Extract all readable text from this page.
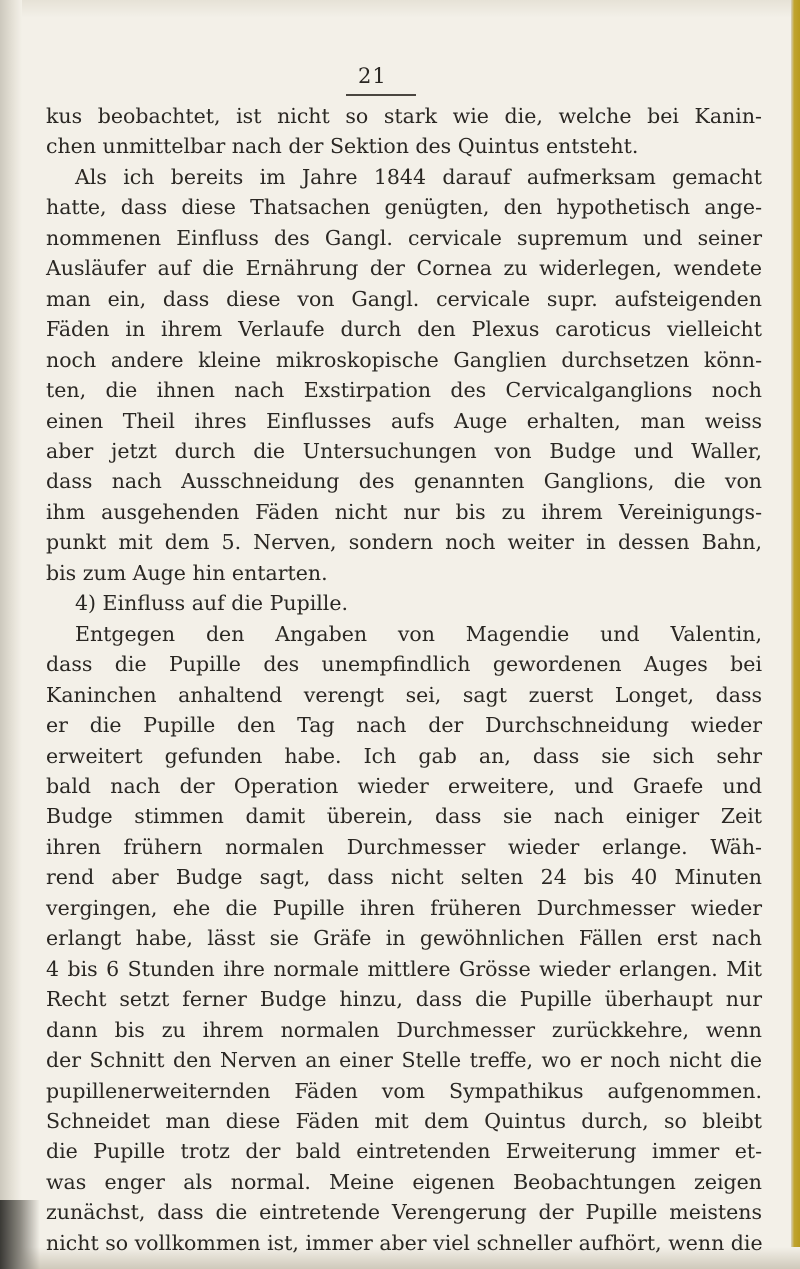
21
kus beobachtet, ist nicht so stark wie die, welche bei Kanin-
chen unmittelbar nach der Sektion des Quintus entsteht.
Als ich bereits im Jahre 1844 darauf aufmerksam gemacht
hatte, dass diese Thatsachen genügten, den hypothetisch ange-
nommenen Einfluss des Gangl. cervicale supremum und seiner
Ausläufer auf die Ernährung der Cornea zu widerlegen, wendete
man ein, dass diese von Gangl. cervicale supr. aufsteigenden
Fäden in ihrem Verlaufe durch den Plexus caroticus vielleicht
noch andere kleine mikroskopische Ganglien durchsetzen könn-
ten, die ihnen nach Exstirpation des Cervicalganglions noch
einen Theil ihres Einflusses aufs Auge erhalten, man weiss
aber jetzt durch die Untersuchungen von Budge und Waller,
dass nach Ausschneidung des genannten Ganglions, die von
ihm ausgehenden Fäden nicht nur bis zu ihrem Vereinigungs-
punkt mit dem 5. Nerven, sondern noch weiter in dessen Bahn,
bis zum Auge hin entarten.
4) Einfluss auf die Pupille.
Entgegen den Angaben von Magendie und Valentin,
dass die Pupille des unempfindlich gewordenen Auges bei
Kaninchen anhaltend verengt sei, sagt zuerst Longet, dass
er die Pupille den Tag nach der Durchschneidung wieder
erweitert gefunden habe. Ich gab an, dass sie sich sehr
bald nach der Operation wieder erweitere, und Graefe und
Budge stimmen damit überein, dass sie nach einiger Zeit
ihren frühern normalen Durchmesser wieder erlange. Wäh-
rend aber Budge sagt, dass nicht selten 24 bis 40 Minuten
vergingen, ehe die Pupille ihren früheren Durchmesser wieder
erlangt habe, lässt sie Gräfe in gewöhnlichen Fällen erst nach
4 bis 6 Stunden ihre normale mittlere Grösse wieder erlangen. Mit
Recht setzt ferner Budge hinzu, dass die Pupille überhaupt nur
dann bis zu ihrem normalen Durchmesser zurückkehre, wenn
der Schnitt den Nerven an einer Stelle treffe, wo er noch nicht die
pupillenerweiternden Fäden vom Sympathikus aufgenommen.
Schneidet man diese Fäden mit dem Quintus durch, so bleibt
die Pupille trotz der bald eintretenden Erweiterung immer et-
was enger als normal. Meine eigenen Beobachtungen zeigen
zunächst, dass die eintretende Verengerung der Pupille meistens
nicht so vollkommen ist, immer aber viel schneller aufhört, wenn die
